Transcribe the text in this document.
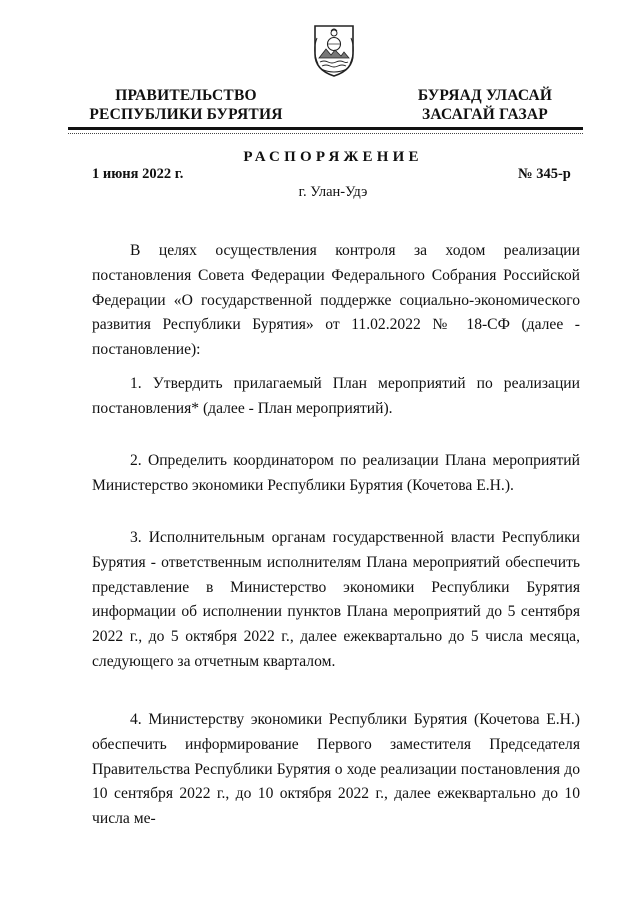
ПРАВИТЕЛЬСТВО
РЕСПУБЛИКИ БУРЯТИЯ
БУРЯАД УЛАСАЙ
ЗАСАГАЙ ГАЗАР
РАСПОРЯЖЕНИЕ
1 июня 2022 г.	№ 345-р
г. Улан-Удэ

В целях осуществления контроля за ходом реализации постановления Совета Федерации Федерального Собрания Российской Федерации «О государственной поддержке социально-экономического развития Республики Бурятия» от 11.02.2022 № 18-СФ (далее - постановление):

1. Утвердить прилагаемый План мероприятий по реализации постановления* (далее - План мероприятий).

2. Определить координатором по реализации Плана мероприятий Министерство экономики Республики Бурятия (Кочетова Е.Н.).

3. Исполнительным органам государственной власти Республики Бурятия - ответственным исполнителям Плана мероприятий обеспечить представление в Министерство экономики Республики Бурятия информации об исполнении пунктов Плана мероприятий до 5 сентября 2022 г., до 5 октября 2022 г., далее ежеквартально до 5 числа месяца, следующего за отчетным кварталом.

4. Министерству экономики Республики Бурятия (Кочетова Е.Н.) обеспечить информирование Первого заместителя Председателя Правительства Республики Бурятия о ходе реализации постановления до 10 сентября 2022 г., до 10 октября 2022 г., далее ежеквартально до 10 числа ме-
